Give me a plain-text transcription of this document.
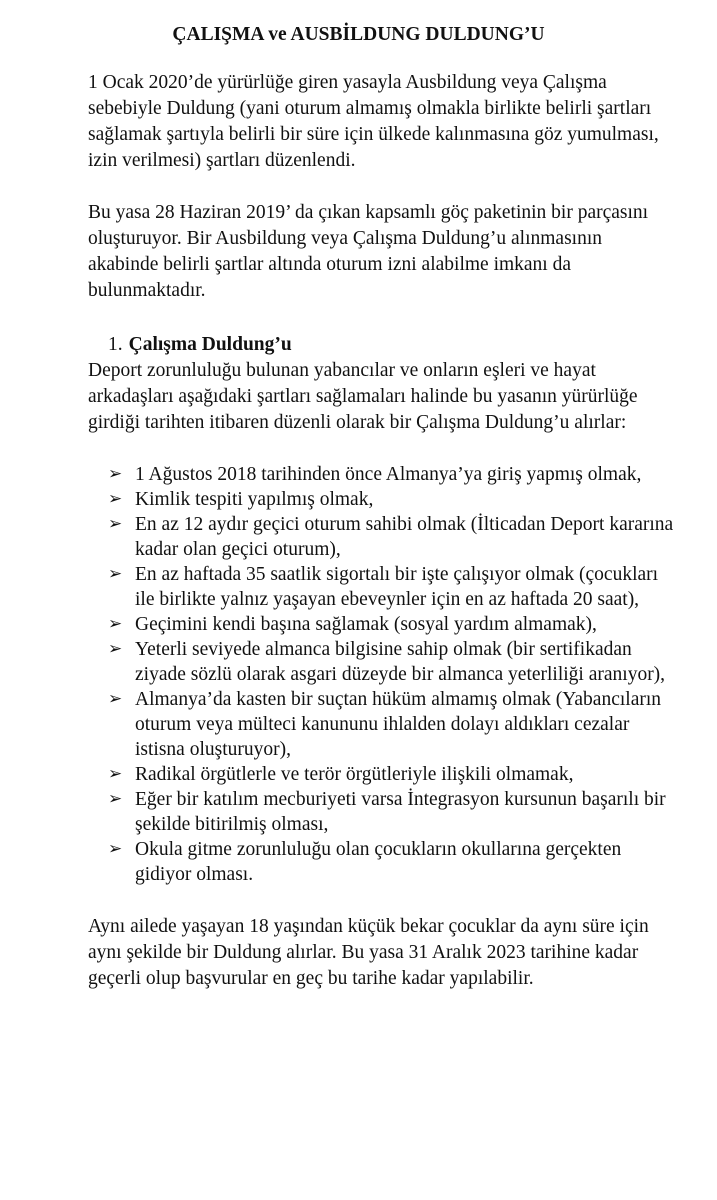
ÇALIŞMA ve AUSBİLDUNG DULDUNG’U

1 Ocak 2020’de yürürlüğe giren yasayla Ausbildung veya Çalışma sebebiyle Duldung (yani oturum almamış olmakla birlikte belirli şartları sağlamak şartıyla belirli bir süre için ülkede kalınmasına göz yumulması, izin verilmesi) şartları düzenlendi.

Bu yasa 28 Haziran 2019’ da çıkan kapsamlı göç paketinin bir parçasını oluşturuyor. Bir Ausbildung veya Çalışma Duldung’u alınmasının akabinde belirli şartlar altında oturum izni alabilme imkanı da bulunmaktadır.

1. Çalışma Duldung’u

Deport zorunluluğu bulunan yabancılar ve onların eşleri ve hayat arkadaşları aşağıdaki şartları sağlamaları halinde bu yasanın yürürlüğe girdiği tarihten itibaren düzenli olarak bir Çalışma Duldung’u alırlar:

➢ 1 Ağustos 2018 tarihinden önce Almanya’ya giriş yapmış olmak,
➢ Kimlik tespiti yapılmış olmak,
➢ En az 12 aydır geçici oturum sahibi olmak (İlticadan Deport kararına kadar olan geçici oturum),
➢ En az haftada 35 saatlik sigortalı bir işte çalışıyor olmak (çocukları ile birlikte yalnız yaşayan ebeveynler için en az haftada 20 saat),
➢ Geçimini kendi başına sağlamak (sosyal yardım almamak),
➢ Yeterli seviyede almanca bilgisine sahip olmak (bir sertifikadan ziyade sözlü olarak asgari düzeyde bir almanca yeterliliği aranıyor),
➢ Almanya’da kasten bir suçtan hüküm almamış olmak (Yabancıların oturum veya mülteci kanununu ihlalden dolayı aldıkları cezalar istisna oluşturuyor),
➢ Radikal örgütlerle ve terör örgütleriyle ilişkili olmamak,
➢ Eğer bir katılım mecburiyeti varsa İntegrasyon kursunun başarılı bir şekilde bitirilmiş olması,
➢ Okula gitme zorunluluğu olan çocukların okullarına gerçekten gidiyor olması.

Aynı ailede yaşayan 18 yaşından küçük bekar çocuklar da aynı süre için aynı şekilde bir Duldung alırlar. Bu yasa 31 Aralık 2023 tarihine kadar geçerli olup başvurular en geç bu tarihe kadar yapılabilir.
